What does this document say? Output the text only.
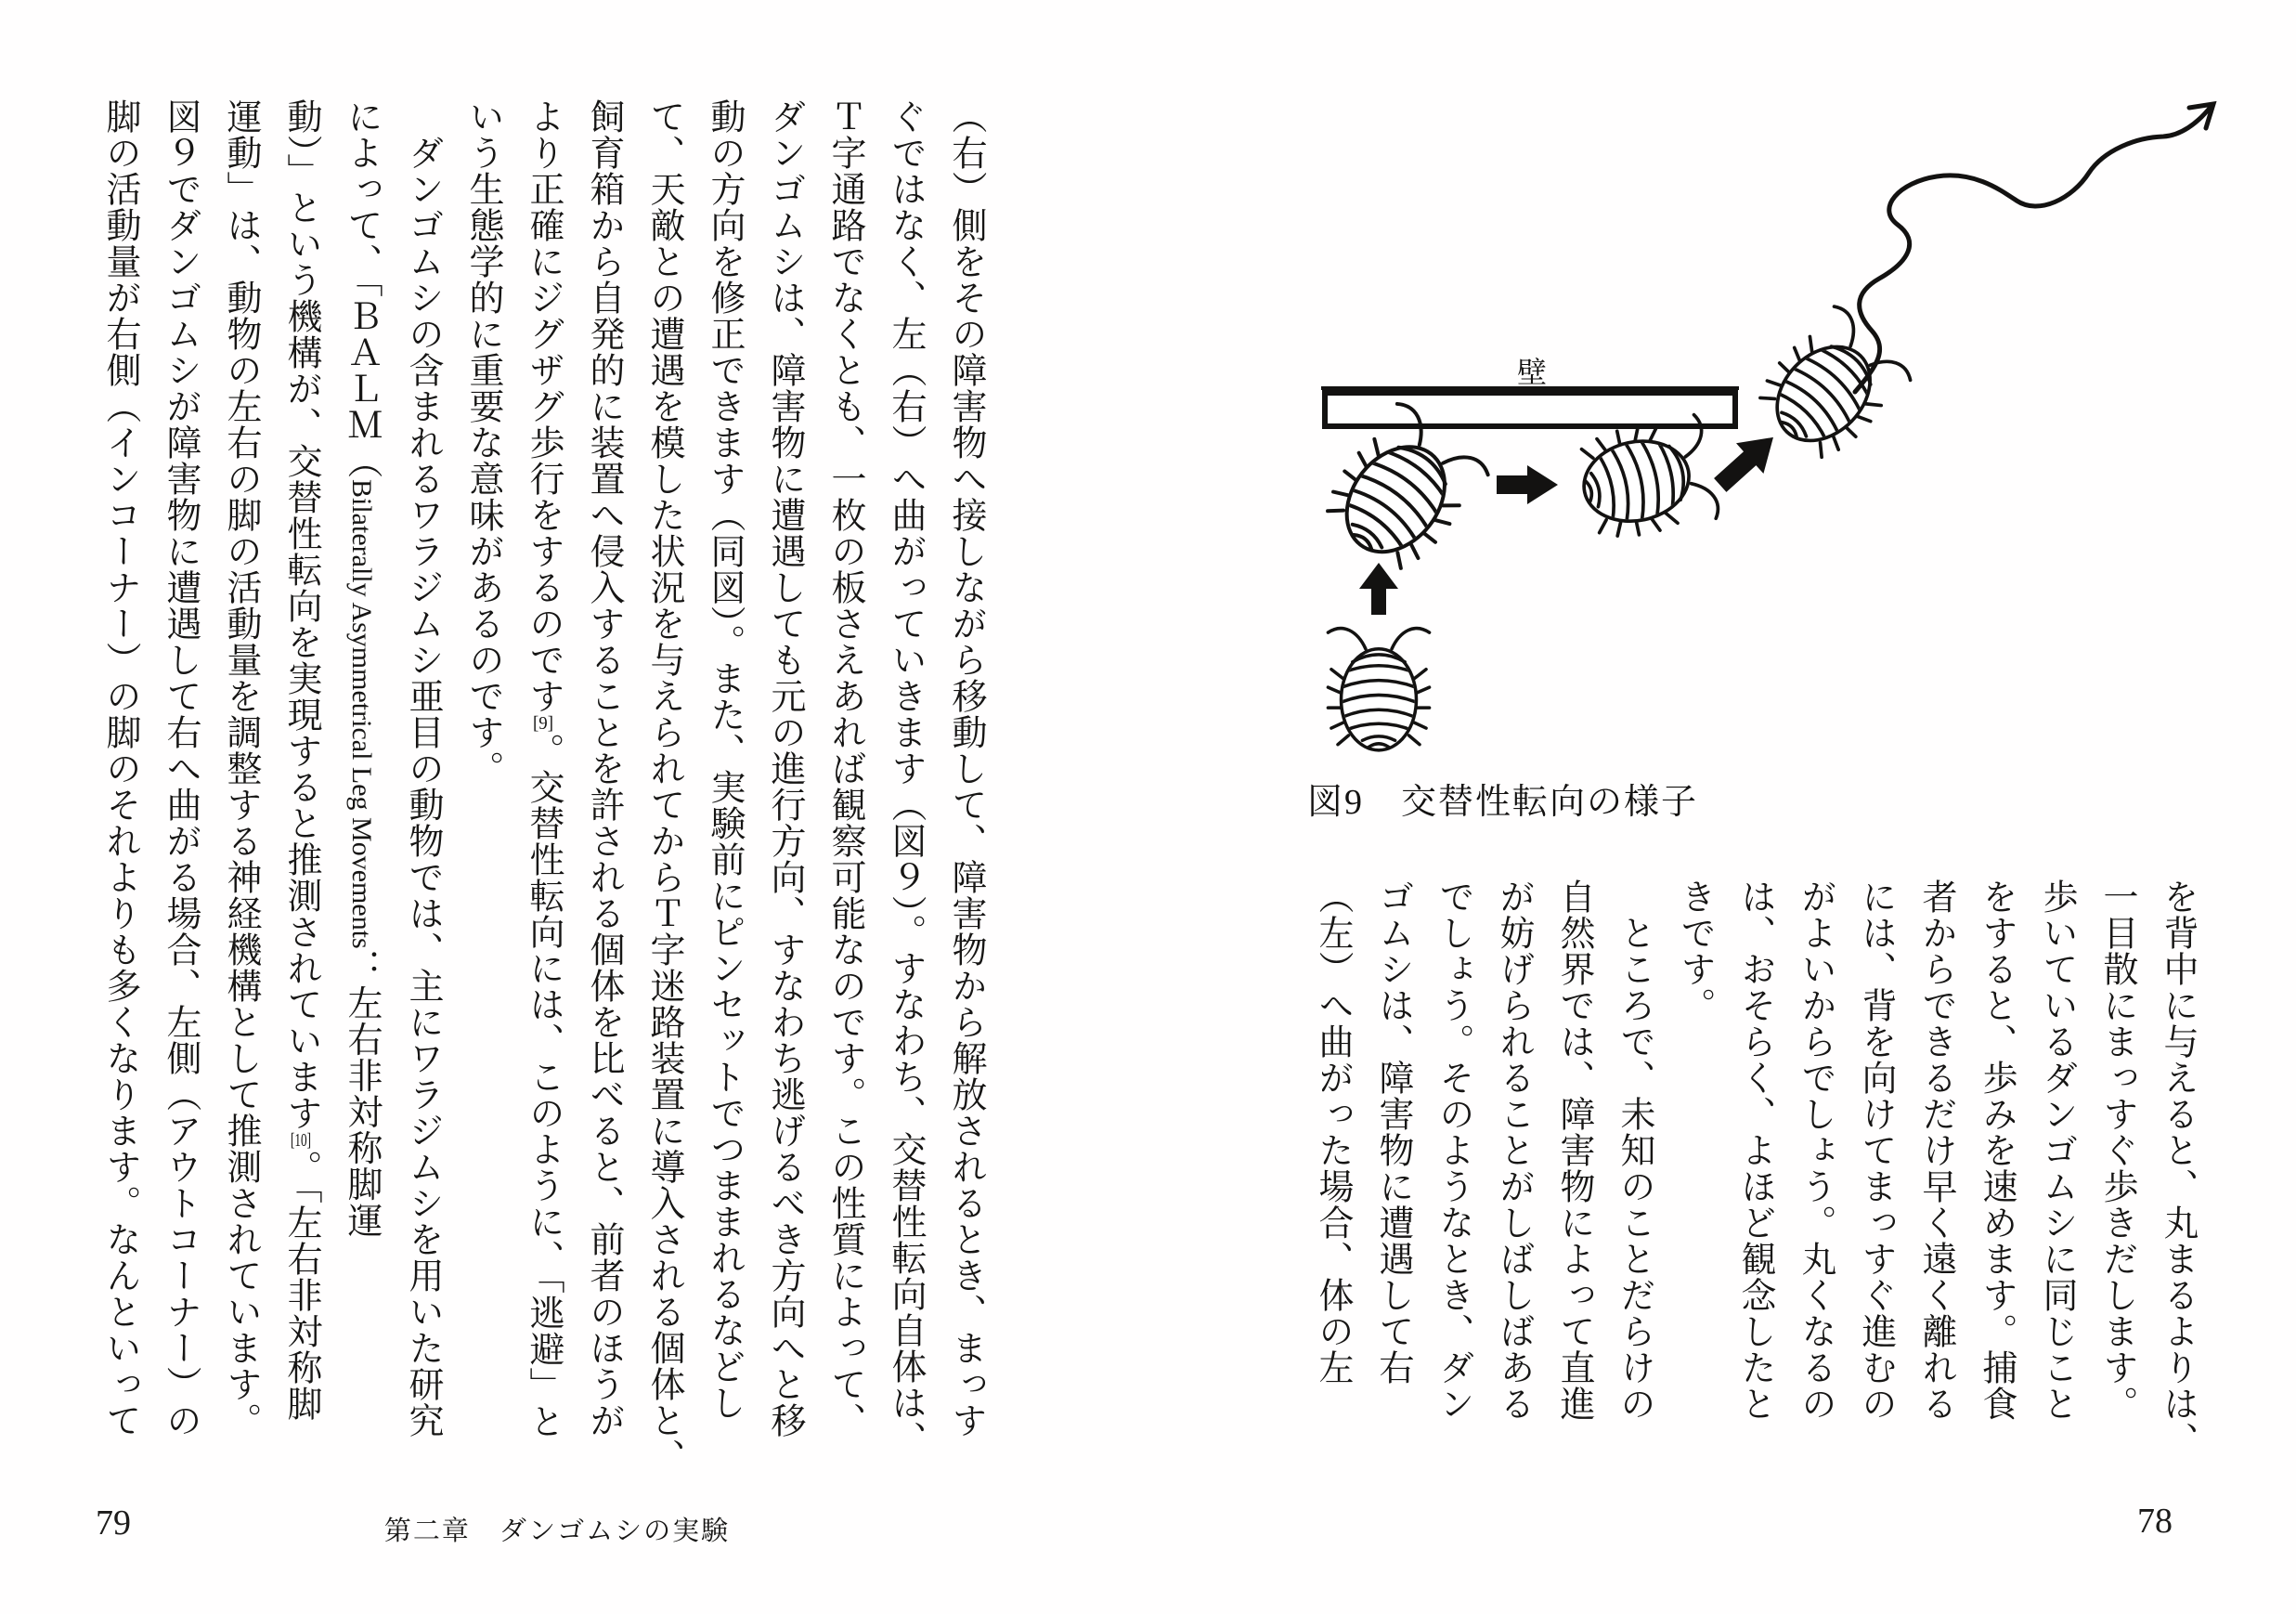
（右）側をその障害物へ接しながら移動して、障害物から解放されるとき、まっす
ぐではなく、左（右）へ曲がっていきます（図９）。すなわち、交替性転向自体は、
Ｔ字通路でなくとも、一枚の板さえあれば観察可能なのです。この性質によって、
ダンゴムシは、障害物に遭遇しても元の進行方向、すなわち逃げるべき方向へと移
動の方向を修正できます（同図）。また、実験前にピンセットでつままれるなどし
て、天敵との遭遇を模した状況を与えられてからＴ字迷路装置に導入される個体と、
飼育箱から自発的に装置へ侵入することを許される個体を比べると、前者のほうが
より正確にジグザグ歩行をするのです[9]。交替性転向には、このように、「逃避」と
いう生態学的に重要な意味があるのです。
　ダンゴムシの含まれるワラジムシ亜目の動物では、主にワラジムシを用いた研究
によって、「ＢＡＬＭ（Bilaterally Asymmetrical Leg Movements：左右非対称脚運
動）」という機構が、交替性転向を実現すると推測されています[10]。「左右非対称脚
運動」は、動物の左右の脚の活動量を調整する神経機構として推測されています。
図９でダンゴムシが障害物に遭遇して右へ曲がる場合、左側（アウトコーナー）の
脚の活動量が右側（インコーナー）の脚のそれよりも多くなります。なんといって	を背中に与えると、丸まるよりは、
一目散にまっすぐ歩きだします。
歩いているダンゴムシに同じこと
をすると、歩みを速めます。捕食
者からできるだけ早く遠く離れる
には、背を向けてまっすぐ進むの
がよいからでしょう。丸くなるの
は、おそらく、よほど観念したと
きです。
　ところで、未知のことだらけの
自然界では、障害物によって直進
が妨げられることがしばしばある
でしょう。そのようなとき、ダン
ゴムシは、障害物に遭遇して右
（左）へ曲がった場合、体の左
壁
図9　交替性転向の様子
79	第二章　ダンゴムシの実験	78
